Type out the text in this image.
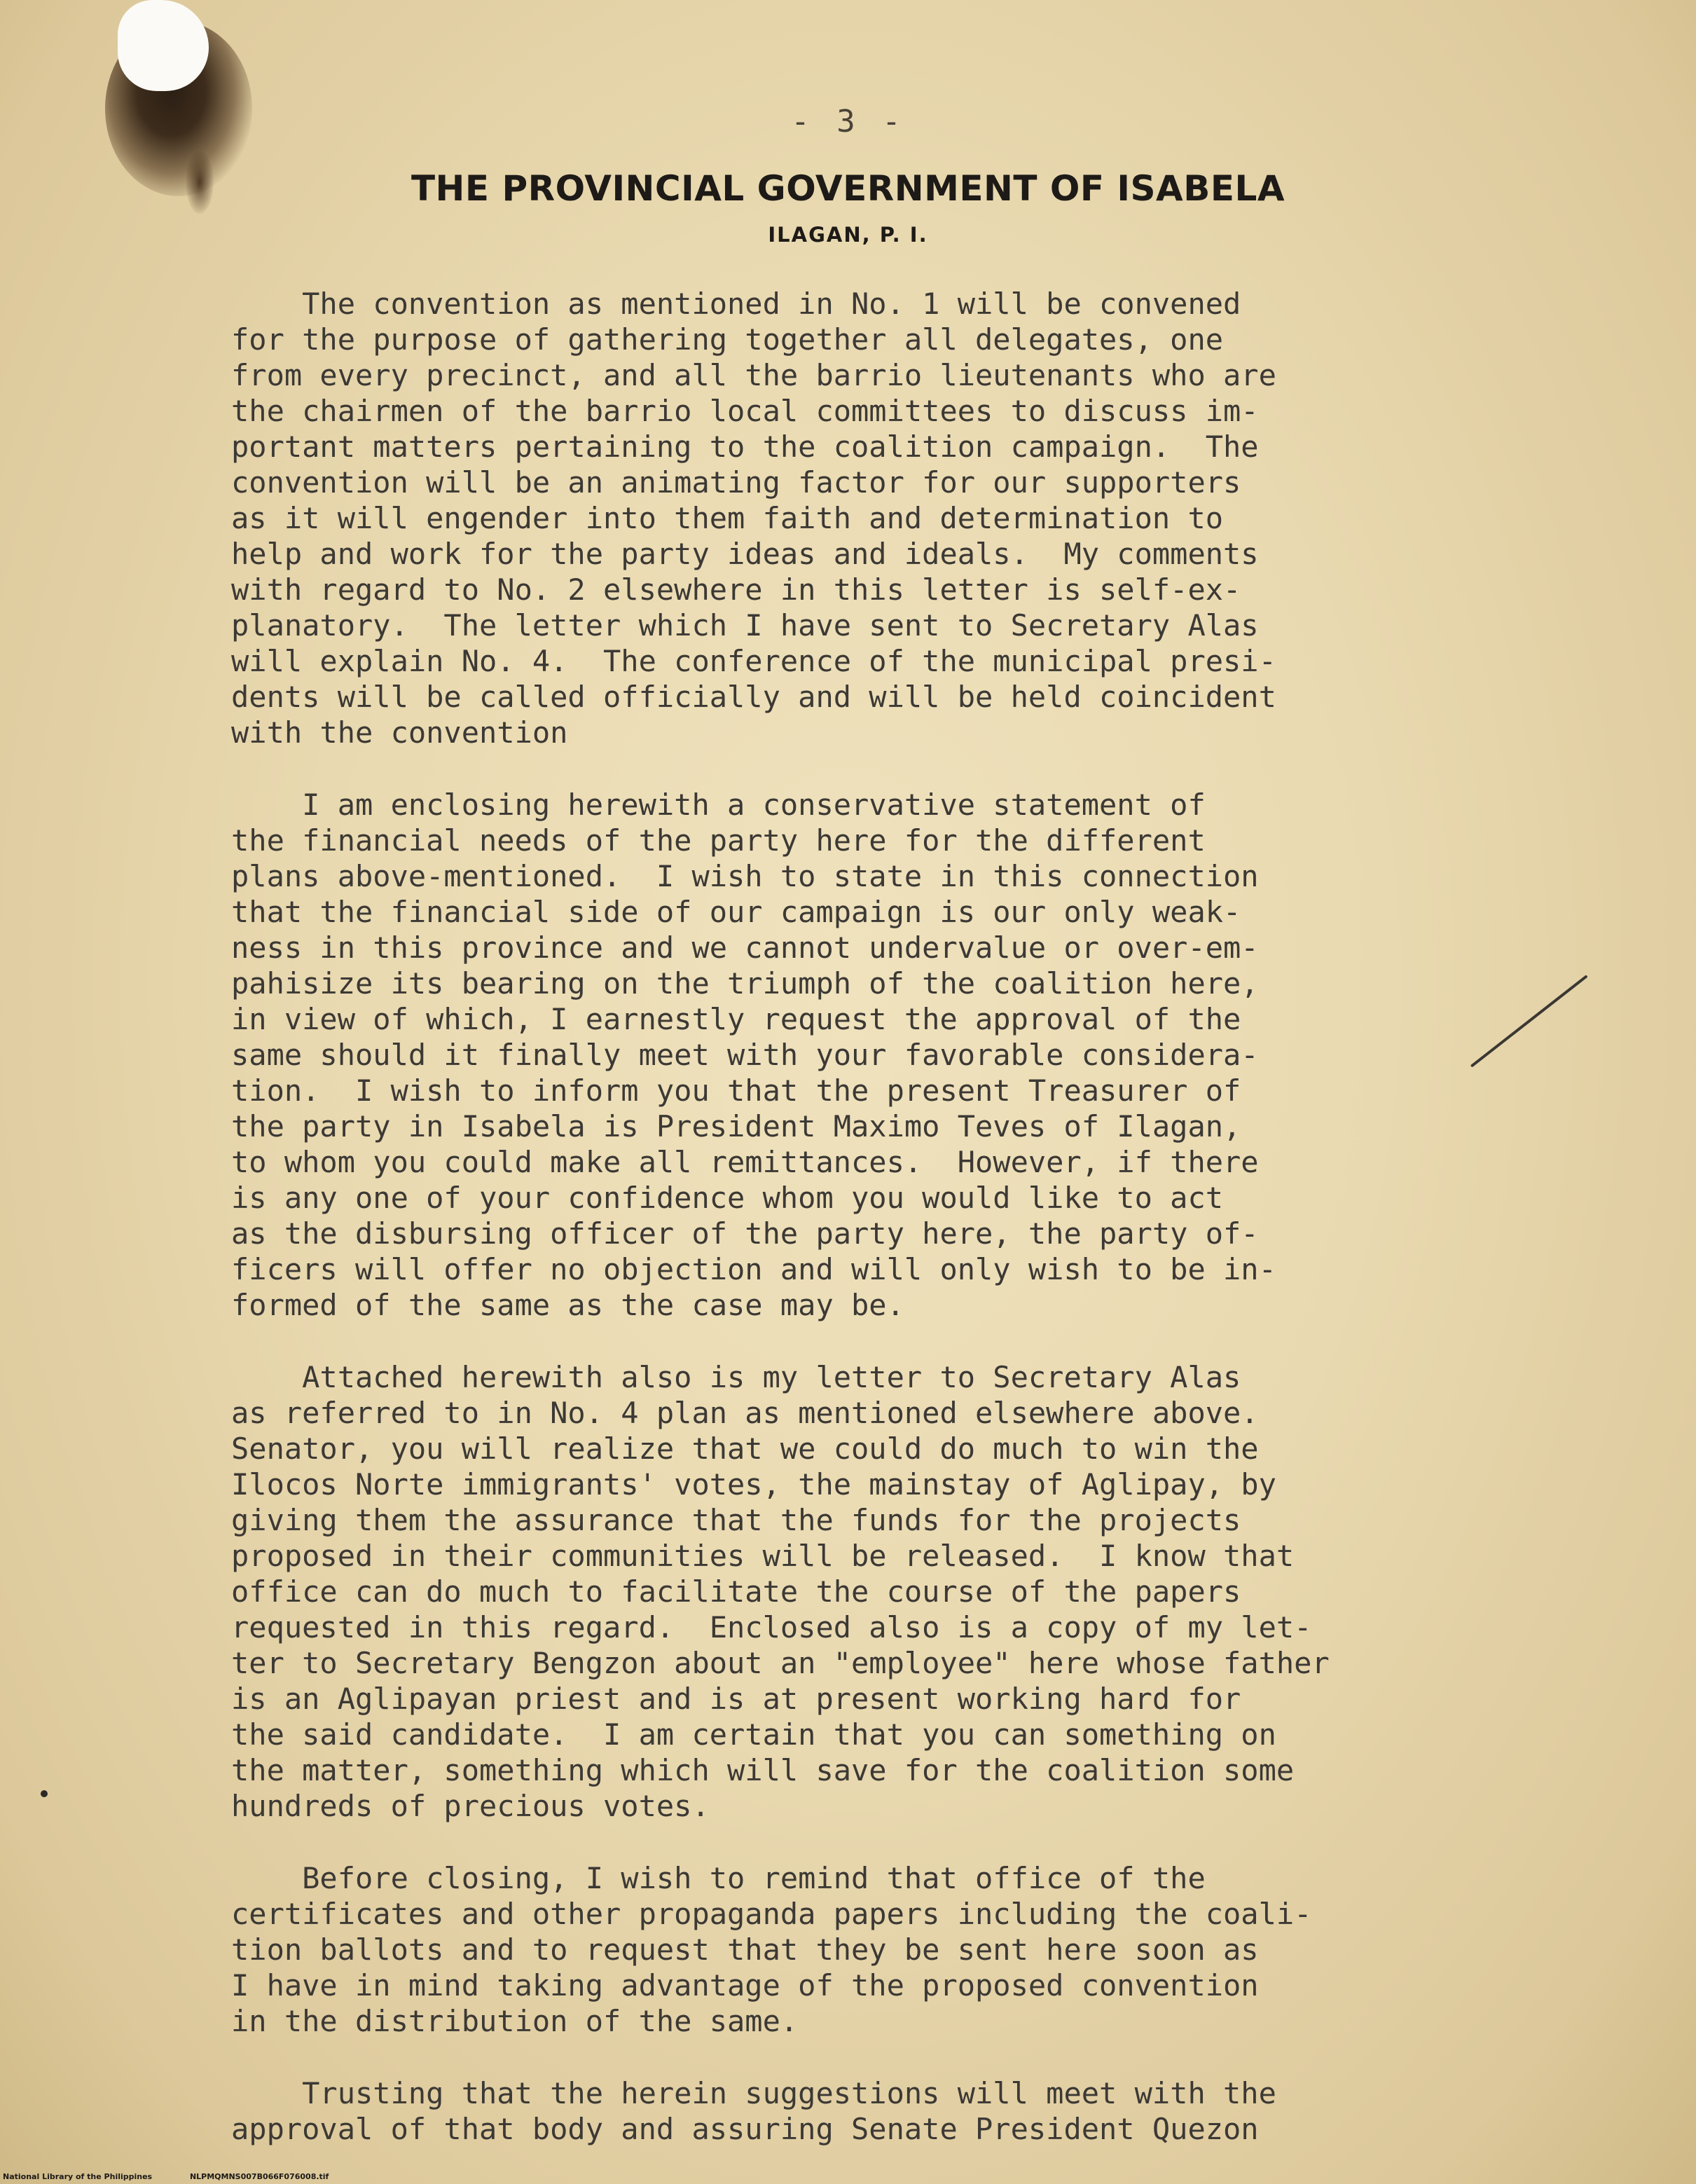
- 3 -
THE PROVINCIAL GOVERNMENT OF ISABELA
ILAGAN, P. I.
The convention as mentioned in No. 1 will be convened
for the purpose of gathering together all delegates, one
from every precinct, and all the barrio lieutenants who are
the chairmen of the barrio local committees to discuss im-
portant matters pertaining to the coalition campaign.  The
convention will be an animating factor for our supporters
as it will engender into them faith and determination to
help and work for the party ideas and ideals.  My comments
with regard to No. 2 elsewhere in this letter is self-ex-
planatory.  The letter which I have sent to Secretary Alas
will explain No. 4.  The conference of the municipal presi-
dents will be called officially and will be held coincident
with the convention
I am enclosing herewith a conservative statement of
the financial needs of the party here for the different
plans above-mentioned.  I wish to state in this connection
that the financial side of our campaign is our only weak-
ness in this province and we cannot undervalue or over-em-
pahisize its bearing on the triumph of the coalition here,
in view of which, I earnestly request the approval of the
same should it finally meet with your favorable considera-
tion.  I wish to inform you that the present Treasurer of
the party in Isabela is President Maximo Teves of Ilagan,
to whom you could make all remittances.  However, if there
is any one of your confidence whom you would like to act
as the disbursing officer of the party here, the party of-
ficers will offer no objection and will only wish to be in-
formed of the same as the case may be.
Attached herewith also is my letter to Secretary Alas
as referred to in No. 4 plan as mentioned elsewhere above.
Senator, you will realize that we could do much to win the
Ilocos Norte immigrants' votes, the mainstay of Aglipay, by
giving them the assurance that the funds for the projects
proposed in their communities will be released.  I know that
office can do much to facilitate the course of the papers
requested in this regard.  Enclosed also is a copy of my let-
ter to Secretary Bengzon about an "employee" here whose father
is an Aglipayan priest and is at present working hard for
the said candidate.  I am certain that you can something on
the matter, something which will save for the coalition some
hundreds of precious votes.
Before closing, I wish to remind that office of the
certificates and other propaganda papers including the coali-
tion ballots and to request that they be sent here soon as
I have in mind taking advantage of the proposed convention
in the distribution of the same.
Trusting that the herein suggestions will meet with the
approval of that body and assuring Senate President Quezon
National Library of the Philippines	NLPMQMNS007B066F076008.tif
